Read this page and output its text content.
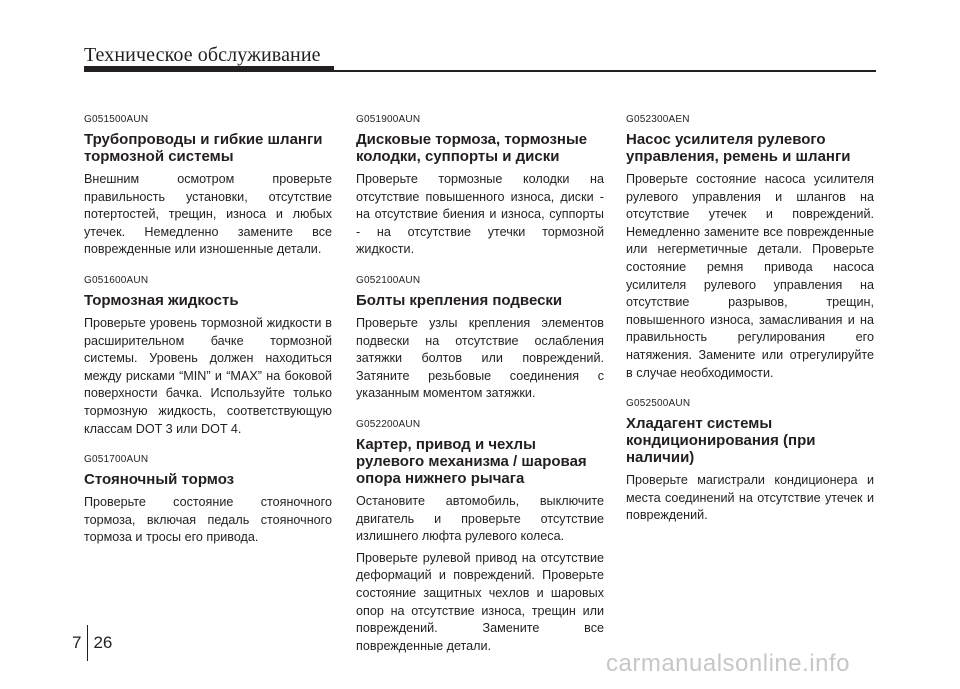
Техническое обслуживание

G051500AUN

Трубопроводы и гибкие шланги тормозной системы

Внешним осмотром проверьте правильность установки, отсутствие потертостей, трещин, износа и любых утечек. Немедленно замените все поврежденные или изношенные детали.

G051600AUN

Тормозная жидкость

Проверьте уровень тормозной жидкости в расширительном бачке тормозной системы. Уровень должен находиться между рисками “MIN” и “MAX” на боковой поверхности бачка. Используйте только тормозную жидкость, соответствующую классам DOT 3 или DOT 4.

G051700AUN

Стояночный тормоз

Проверьте состояние стояночного тормоза, включая педаль стояночного тормоза и тросы его привода.

G051900AUN

Дисковые тормоза, тормозные колодки, суппорты и диски

Проверьте тормозные колодки на отсутствие повышенного износа, диски - на отсутствие биения и износа, суппорты - на отсутствие утечки тормозной жидкости.

G052100AUN

Болты крепления подвески

Проверьте узлы крепления элементов подвески на отсутствие ослабления затяжки болтов или повреждений. Затяните резьбовые соединения с указанным моментом затяжки.

G052200AUN

Картер, привод и чехлы рулевого механизма / шаровая опора нижнего рычага

Остановите автомобиль, выключите двигатель и проверьте отсутствие излишнего люфта рулевого колеса.

Проверьте рулевой привод на отсутствие деформаций и повреждений. Проверьте состояние защитных чехлов и шаровых опор на отсутствие износа, трещин или повреждений. Замените все поврежденные детали.

G052300AEN

Насос усилителя рулевого управления, ремень и шланги

Проверьте состояние насоса усилителя рулевого управления и шлангов на отсутствие утечек и повреждений. Немедленно замените все поврежденные или негерметичные детали. Проверьте состояние ремня привода насоса усилителя рулевого управления на отсутствие разрывов, трещин, повышенного износа, замасливания и на правильность регулирования его натяжения. Замените или отрегулируйте в случае необходимости.

G052500AUN

Хладагент системы кондиционирования (при наличии)

Проверьте магистрали кондиционера и места соединений на отсутствие утечек и повреждений.

7 26
carmanualsonline.info
